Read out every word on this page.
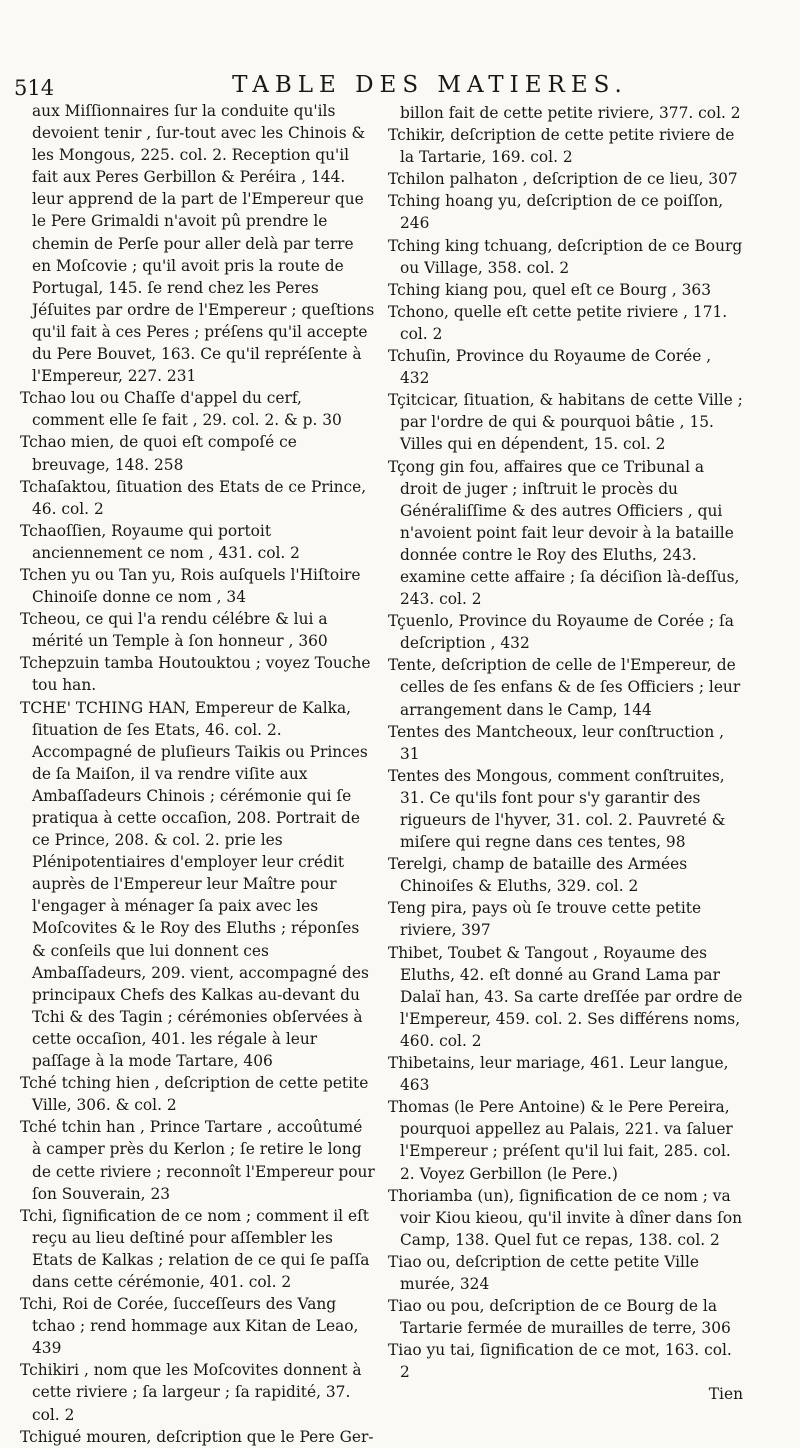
514	TABLE DES MATIERES.

aux Miſſionnaires ſur la conduite qu'ils devoient tenir , ſur-tout avec les Chinois & les Mongous, 225. col. 2. Reception qu'il fait aux Peres Gerbillon & Peréira , 144. leur apprend de la part de l'Empereur que le Pere Grimaldi n'avoit pû prendre le chemin de Perſe pour aller delà par terre en Moſcovie ; qu'il avoit pris la route de Portugal, 145. ſe rend chez les Peres Jéſuites par ordre de l'Empereur ; queſtions qu'il fait à ces Peres ; préſens qu'il accepte du Pere Bouvet, 163. Ce qu'il repréſente à l'Empereur, 227. 231

Tchao lou ou Chaſſe d'appel du cerf, comment elle ſe fait , 29. col. 2. & p. 30

Tchao mien, de quoi eſt compoſé ce breuvage, 148. 258

Tchaſaktou, ſituation des Etats de ce Prince, 46. col. 2

Tchaoſſien, Royaume qui portoit anciennement ce nom , 431. col. 2

Tchen yu ou Tan yu, Rois auſquels l'Hiſtoire Chinoiſe donne ce nom , 34

Tcheou, ce qui l'a rendu célébre & lui a mérité un Temple à ſon honneur , 360

Tchepzuin tamba Houtouktou ; voyez Touche tou han.

TCHE' TCHING HAN, Empereur de Kalka, ſituation de ſes Etats, 46. col. 2. Accompagné de pluſieurs Taikis ou Princes de ſa Maiſon, il va rendre viſite aux Ambaſſadeurs Chinois ; cérémonie qui ſe pratiqua à cette occaſion, 208. Portrait de ce Prince, 208. & col. 2. prie les Plénipotentiaires d'employer leur crédit auprès de l'Empereur leur Maître pour l'engager à ménager ſa paix avec les Moſcovites & le Roy des Eluths ; réponſes & conſeils que lui donnent ces Ambaſſadeurs, 209. vient, accompagné des principaux Chefs des Kalkas au-devant du Tchi & des Tagin ; cérémonies obſervées à cette occaſion, 401. les régale à leur paſſage à la mode Tartare, 406

Tché tching hien , deſcription de cette petite Ville, 306. & col. 2

Tché tchin han , Prince Tartare , accoûtumé à camper près du Kerlon ; ſe retire le long de cette riviere ; reconnoît l'Empereur pour ſon Souverain, 23

Tchi, ſignification de ce nom ; comment il eſt reçu au lieu deſtiné pour aſſembler les Etats de Kalkas ; relation de ce qui ſe paſſa dans cette cérémonie, 401. col. 2

Tchi, Roi de Corée, ſucceſſeurs des Vang tchao ; rend hommage aux Kitan de Leao, 439

Tchikiri , nom que les Moſcovites donnent à cette riviere ; ſa largeur ; ſa rapidité, 37. col. 2

Tchigué mouren, deſcription que le Pere Ger-

billon fait de cette petite riviere, 377. col. 2

Tchikir, deſcription de cette petite riviere de la Tartarie, 169. col. 2

Tchilon palhaton , deſcription de ce lieu, 307

Tching hoang yu, deſcription de ce poiſſon, 246

Tching king tchuang, deſcription de ce Bourg ou Village, 358. col. 2

Tching kiang pou, quel eſt ce Bourg , 363

Tchono, quelle eſt cette petite riviere , 171. col. 2

Tchuſin, Province du Royaume de Corée , 432

Tçitcicar, ſituation, & habitans de cette Ville ; par l'ordre de qui & pourquoi bâtie , 15. Villes qui en dépendent, 15. col. 2

Tçong gin fou, affaires que ce Tribunal a droit de juger ; inſtruit le procès du Généraliſſime & des autres Officiers , qui n'avoient point fait leur devoir à la bataille donnée contre le Roy des Eluths, 243. examine cette affaire ; ſa déciſion là-deſſus, 243. col. 2

Tçuenlo, Province du Royaume de Corée ; ſa deſcription , 432

Tente, deſcription de celle de l'Empereur, de celles de ſes enfans & de ſes Officiers ; leur arrangement dans le Camp, 144

Tentes des Mantcheoux, leur conſtruction , 31

Tentes des Mongous, comment conſtruites, 31. Ce qu'ils font pour s'y garantir des rigueurs de l'hyver, 31. col. 2. Pauvreté & miſere qui regne dans ces tentes, 98

Terelgi, champ de bataille des Armées Chinoiſes & Eluths, 329. col. 2

Teng pira, pays où ſe trouve cette petite riviere, 397

Thibet, Toubet & Tangout , Royaume des Eluths, 42. eſt donné au Grand Lama par Dalaï han, 43. Sa carte dreſſée par ordre de l'Empereur, 459. col. 2. Ses différens noms, 460. col. 2

Thibetains, leur mariage, 461. Leur langue, 463

Thomas (le Pere Antoine) & le Pere Pereira, pourquoi appellez au Palais, 221. va ſaluer l'Empereur ; préſent qu'il lui fait, 285. col. 2. Voyez Gerbillon (le Pere.)

Thoriamba (un), ſignification de ce nom ; va voir Kiou kieou, qu'il invite à dîner dans ſon Camp, 138. Quel fut ce repas, 138. col. 2

Tiao ou, deſcription de cette petite Ville murée, 324

Tiao ou pou, deſcription de ce Bourg de la Tartarie fermée de murailles de terre, 306

Tiao yu tai, ſignification de ce mot, 163. col. 2

Tien
